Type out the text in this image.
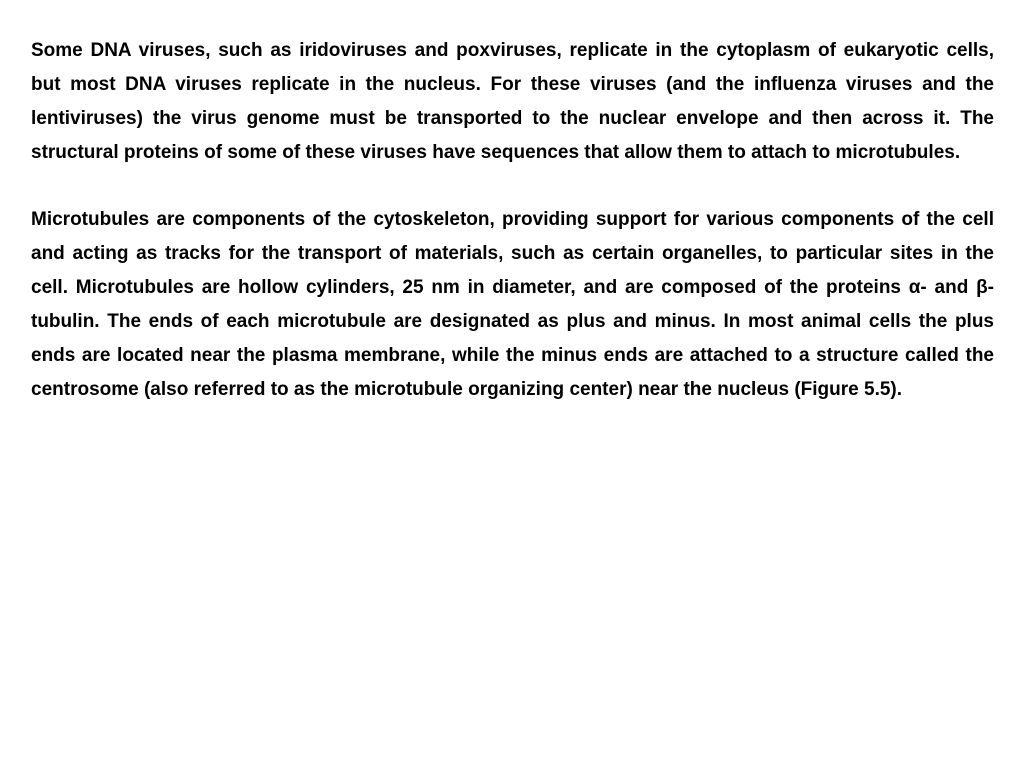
Some DNA viruses, such as iridoviruses and poxviruses, replicate in the cytoplasm of eukaryotic cells, but most DNA viruses replicate in the nucleus. For these viruses (and the influenza viruses and the lentiviruses) the virus genome must be transported to the nuclear envelope and then across it. The structural proteins of some of these viruses have sequences that allow them to attach to microtubules.

Microtubules are components of the cytoskeleton, providing support for various components of the cell and acting as tracks for the transport of materials, such as certain organelles, to particular sites in the cell. Microtubules are hollow cylinders, 25 nm in diameter, and are composed of the proteins α- and β-tubulin. The ends of each microtubule are designated as plus and minus. In most animal cells the plus ends are located near the plasma membrane, while the minus ends are attached to a structure called the centrosome (also referred to as the microtubule organizing center) near the nucleus (Figure 5.5).
